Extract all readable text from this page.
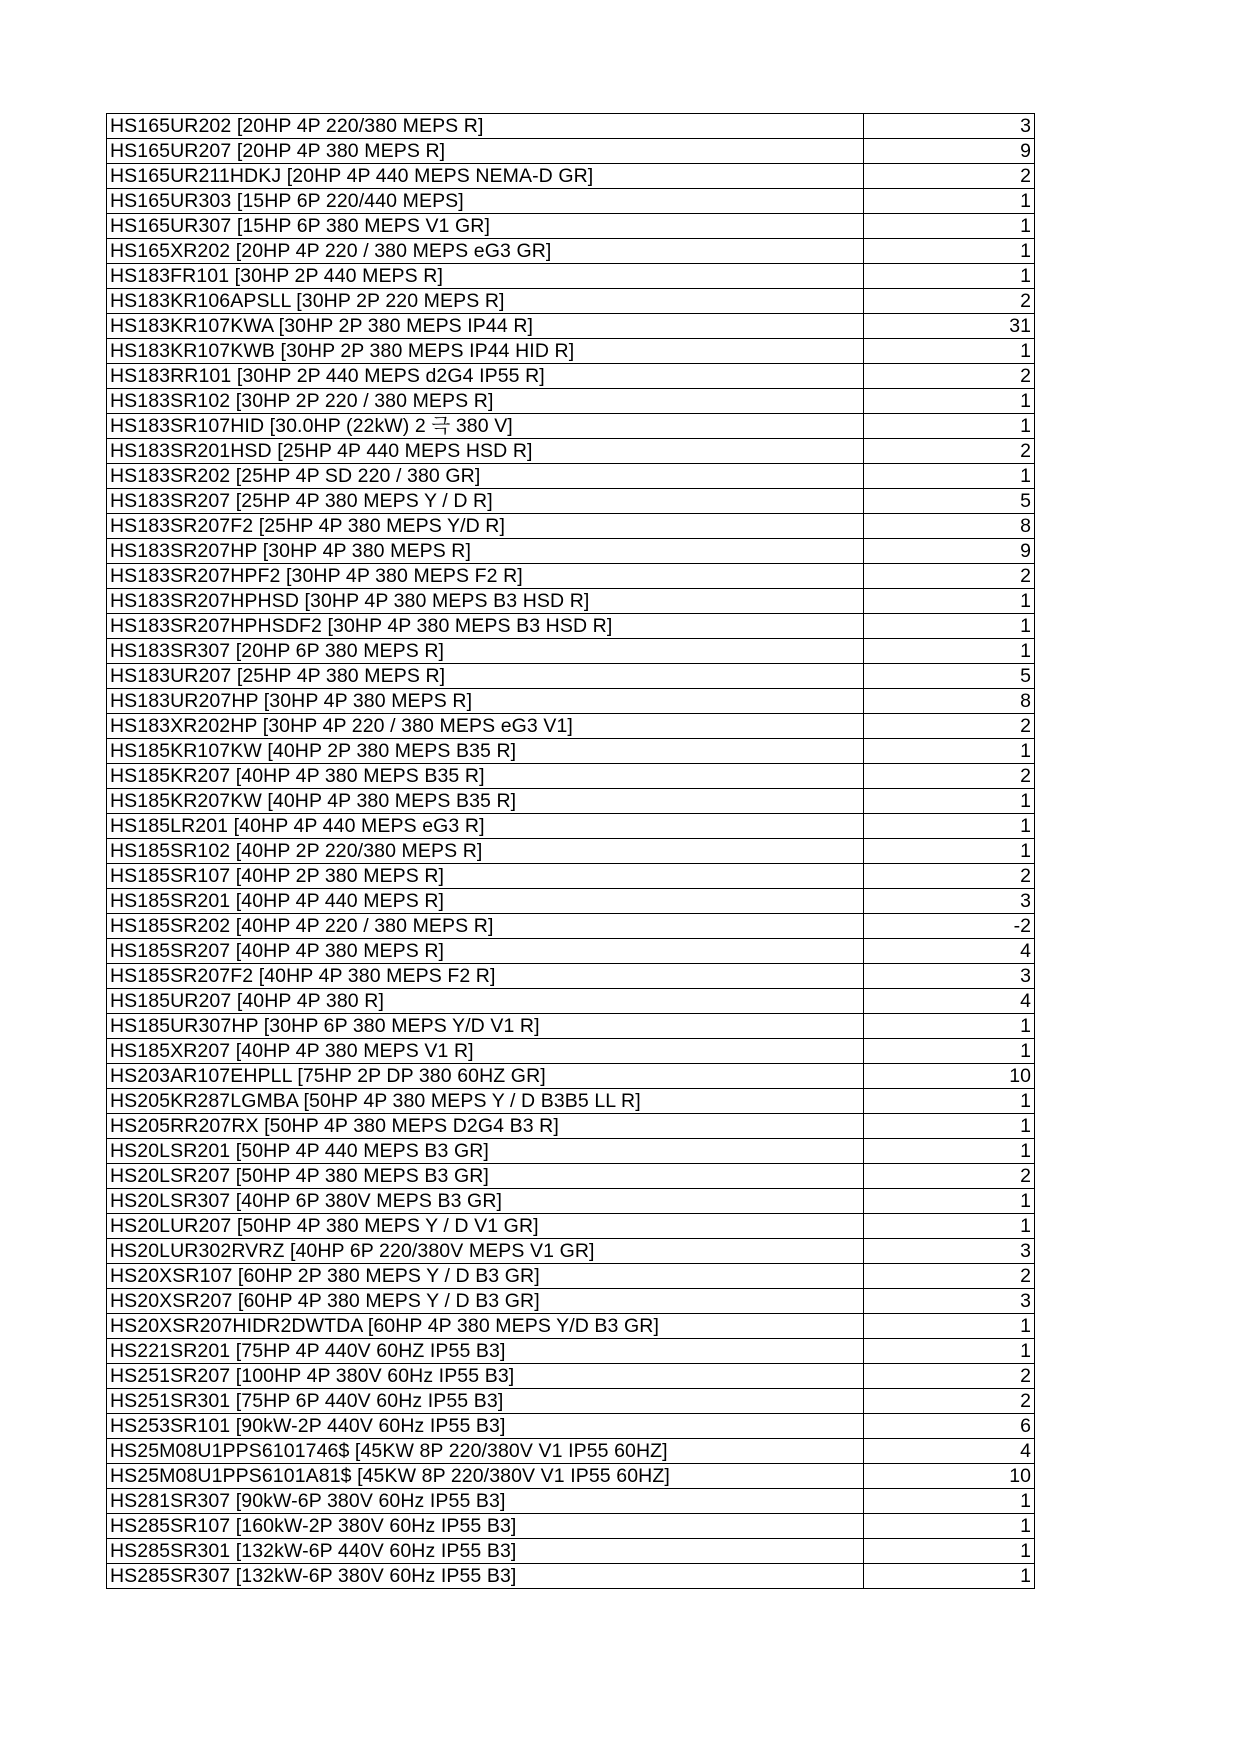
HS165UR202 [20HP 4P 220/380 MEPS R]	3
HS165UR207 [20HP 4P 380 MEPS R]	9
HS165UR211HDKJ [20HP 4P 440 MEPS NEMA-D GR]	2
HS165UR303 [15HP 6P 220/440 MEPS]	1
HS165UR307 [15HP 6P 380 MEPS V1 GR]	1
HS165XR202 [20HP 4P 220 / 380 MEPS eG3 GR]	1
HS183FR101 [30HP 2P 440 MEPS R]	1
HS183KR106APSLL [30HP 2P 220 MEPS R]	2
HS183KR107KWA [30HP 2P 380 MEPS IP44 R]	31
HS183KR107KWB [30HP 2P 380 MEPS IP44 HID R]	1
HS183RR101 [30HP 2P 440 MEPS d2G4 IP55 R]	2
HS183SR102 [30HP 2P 220 / 380 MEPS R]	1
HS183SR107HID [30.0HP (22kW) 2 극 380 V]	1
HS183SR201HSD [25HP 4P 440 MEPS HSD R]	2
HS183SR202 [25HP 4P SD 220 / 380 GR]	1
HS183SR207 [25HP 4P 380 MEPS Y / D R]	5
HS183SR207F2 [25HP 4P 380 MEPS Y/D R]	8
HS183SR207HP [30HP 4P 380 MEPS R]	9
HS183SR207HPF2 [30HP 4P 380 MEPS F2 R]	2
HS183SR207HPHSD [30HP 4P 380 MEPS B3 HSD R]	1
HS183SR207HPHSDF2 [30HP 4P 380 MEPS B3 HSD R]	1
HS183SR307 [20HP 6P 380 MEPS R]	1
HS183UR207 [25HP 4P 380 MEPS R]	5
HS183UR207HP [30HP 4P 380 MEPS R]	8
HS183XR202HP [30HP 4P 220 / 380 MEPS eG3 V1]	2
HS185KR107KW [40HP 2P 380 MEPS B35 R]	1
HS185KR207 [40HP 4P 380 MEPS B35 R]	2
HS185KR207KW [40HP 4P 380 MEPS B35 R]	1
HS185LR201 [40HP 4P 440 MEPS eG3 R]	1
HS185SR102 [40HP 2P 220/380 MEPS R]	1
HS185SR107 [40HP 2P 380 MEPS R]	2
HS185SR201 [40HP 4P 440 MEPS R]	3
HS185SR202 [40HP 4P 220 / 380 MEPS R]	-2
HS185SR207 [40HP 4P 380 MEPS R]	4
HS185SR207F2 [40HP 4P 380 MEPS F2 R]	3
HS185UR207 [40HP 4P 380 R]	4
HS185UR307HP [30HP 6P 380 MEPS Y/D V1 R]	1
HS185XR207 [40HP 4P 380 MEPS V1 R]	1
HS203AR107EHPLL [75HP 2P DP 380 60HZ GR]	10
HS205KR287LGMBA [50HP 4P 380 MEPS Y / D B3B5 LL R]	1
HS205RR207RX [50HP 4P 380 MEPS D2G4 B3 R]	1
HS20LSR201 [50HP 4P 440 MEPS B3 GR]	1
HS20LSR207 [50HP 4P 380 MEPS B3 GR]	2
HS20LSR307 [40HP 6P 380V MEPS B3 GR]	1
HS20LUR207 [50HP 4P 380 MEPS Y / D V1 GR]	1
HS20LUR302RVRZ [40HP 6P 220/380V MEPS V1 GR]	3
HS20XSR107 [60HP 2P 380 MEPS Y / D B3 GR]	2
HS20XSR207 [60HP 4P 380 MEPS Y / D B3 GR]	3
HS20XSR207HIDR2DWTDA [60HP 4P 380 MEPS Y/D B3 GR]	1
HS221SR201 [75HP 4P 440V 60HZ IP55 B3]	1
HS251SR207 [100HP 4P 380V 60Hz IP55 B3]	2
HS251SR301 [75HP 6P 440V 60Hz IP55 B3]	2
HS253SR101 [90kW-2P 440V 60Hz IP55 B3]	6
HS25M08U1PPS6101746$ [45KW 8P 220/380V V1 IP55 60HZ]	4
HS25M08U1PPS6101A81$ [45KW 8P 220/380V V1 IP55 60HZ]	10
HS281SR307 [90kW-6P 380V 60Hz IP55 B3]	1
HS285SR107 [160kW-2P 380V 60Hz IP55 B3]	1
HS285SR301 [132kW-6P 440V 60Hz IP55 B3]	1
HS285SR307 [132kW-6P 380V 60Hz IP55 B3]	1
